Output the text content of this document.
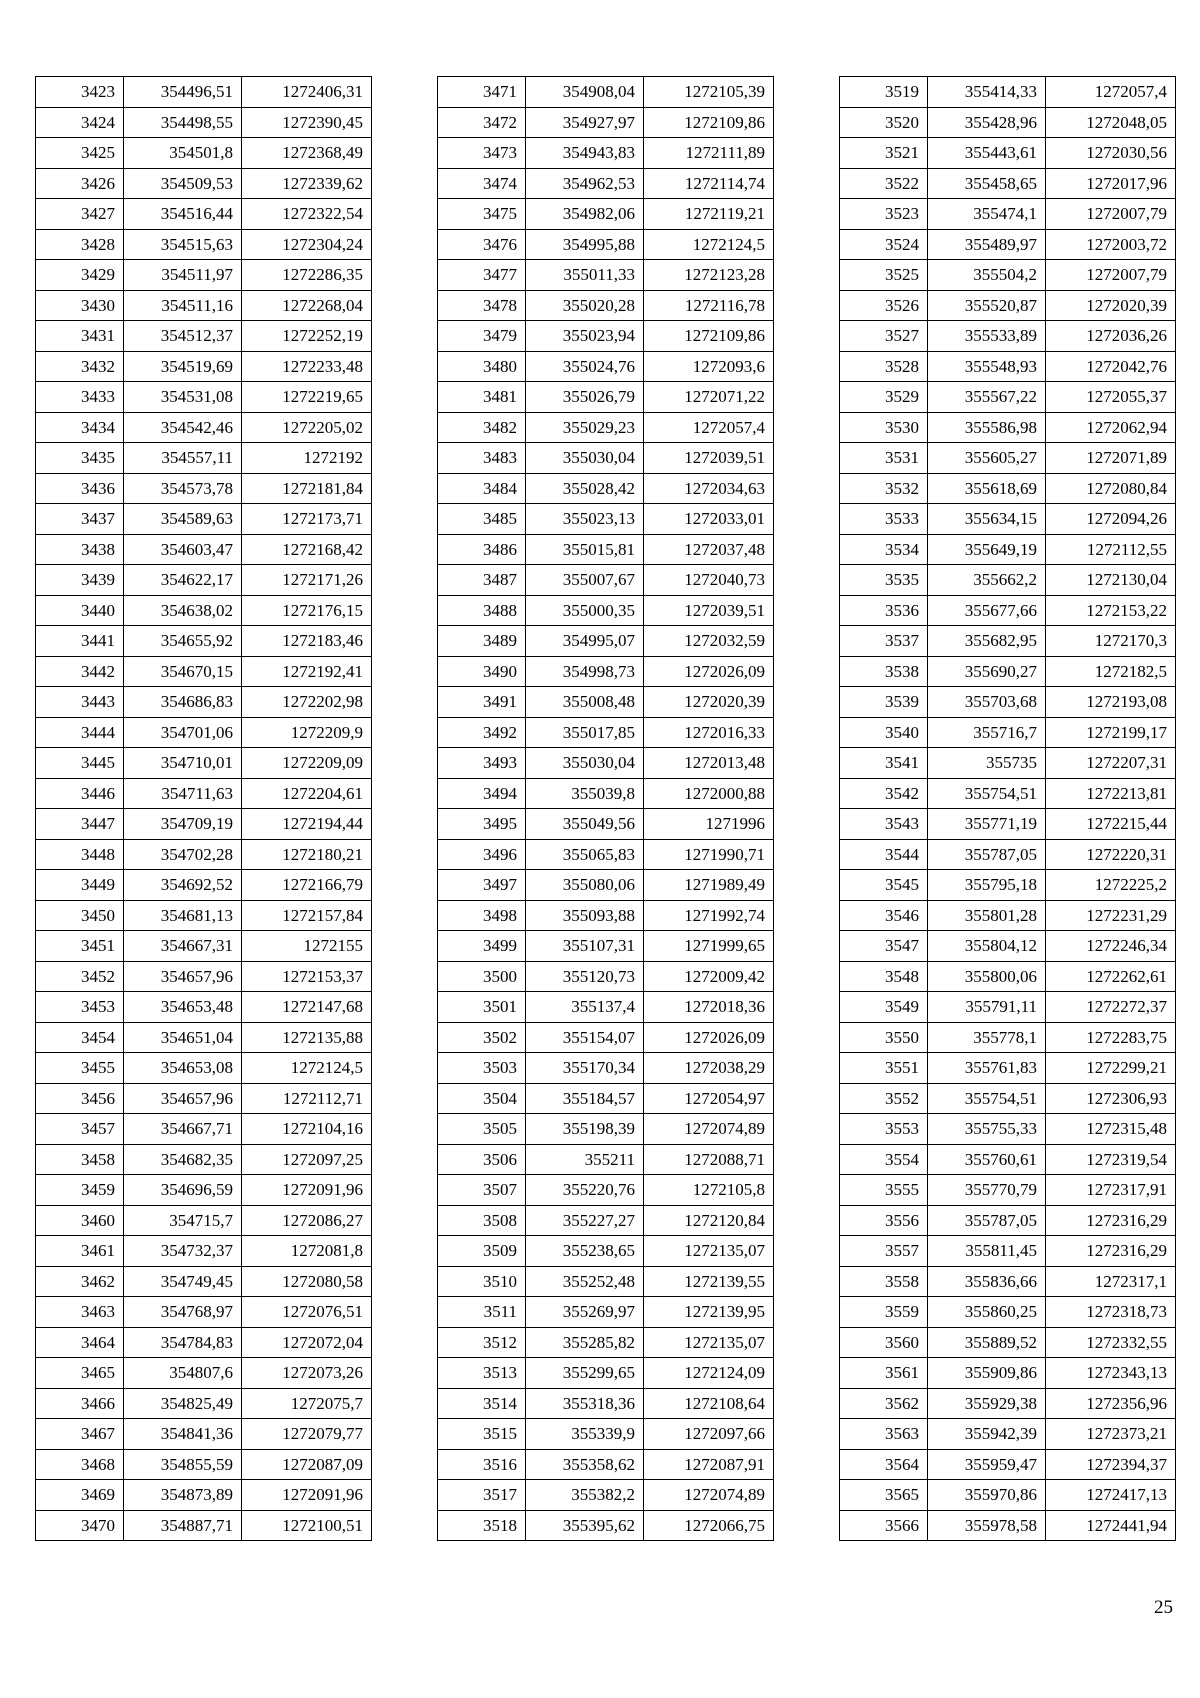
3423	354496,51	1272406,31
3424	354498,55	1272390,45
3425	354501,8	1272368,49
3426	354509,53	1272339,62
3427	354516,44	1272322,54
3428	354515,63	1272304,24
3429	354511,97	1272286,35
3430	354511,16	1272268,04
3431	354512,37	1272252,19
3432	354519,69	1272233,48
3433	354531,08	1272219,65
3434	354542,46	1272205,02
3435	354557,11	1272192
3436	354573,78	1272181,84
3437	354589,63	1272173,71
3438	354603,47	1272168,42
3439	354622,17	1272171,26
3440	354638,02	1272176,15
3441	354655,92	1272183,46
3442	354670,15	1272192,41
3443	354686,83	1272202,98
3444	354701,06	1272209,9
3445	354710,01	1272209,09
3446	354711,63	1272204,61
3447	354709,19	1272194,44
3448	354702,28	1272180,21
3449	354692,52	1272166,79
3450	354681,13	1272157,84
3451	354667,31	1272155
3452	354657,96	1272153,37
3453	354653,48	1272147,68
3454	354651,04	1272135,88
3455	354653,08	1272124,5
3456	354657,96	1272112,71
3457	354667,71	1272104,16
3458	354682,35	1272097,25
3459	354696,59	1272091,96
3460	354715,7	1272086,27
3461	354732,37	1272081,8
3462	354749,45	1272080,58
3463	354768,97	1272076,51
3464	354784,83	1272072,04
3465	354807,6	1272073,26
3466	354825,49	1272075,7
3467	354841,36	1272079,77
3468	354855,59	1272087,09
3469	354873,89	1272091,96
3470	354887,71	1272100,51
3471	354908,04	1272105,39
3472	354927,97	1272109,86
3473	354943,83	1272111,89
3474	354962,53	1272114,74
3475	354982,06	1272119,21
3476	354995,88	1272124,5
3477	355011,33	1272123,28
3478	355020,28	1272116,78
3479	355023,94	1272109,86
3480	355024,76	1272093,6
3481	355026,79	1272071,22
3482	355029,23	1272057,4
3483	355030,04	1272039,51
3484	355028,42	1272034,63
3485	355023,13	1272033,01
3486	355015,81	1272037,48
3487	355007,67	1272040,73
3488	355000,35	1272039,51
3489	354995,07	1272032,59
3490	354998,73	1272026,09
3491	355008,48	1272020,39
3492	355017,85	1272016,33
3493	355030,04	1272013,48
3494	355039,8	1272000,88
3495	355049,56	1271996
3496	355065,83	1271990,71
3497	355080,06	1271989,49
3498	355093,88	1271992,74
3499	355107,31	1271999,65
3500	355120,73	1272009,42
3501	355137,4	1272018,36
3502	355154,07	1272026,09
3503	355170,34	1272038,29
3504	355184,57	1272054,97
3505	355198,39	1272074,89
3506	355211	1272088,71
3507	355220,76	1272105,8
3508	355227,27	1272120,84
3509	355238,65	1272135,07
3510	355252,48	1272139,55
3511	355269,97	1272139,95
3512	355285,82	1272135,07
3513	355299,65	1272124,09
3514	355318,36	1272108,64
3515	355339,9	1272097,66
3516	355358,62	1272087,91
3517	355382,2	1272074,89
3518	355395,62	1272066,75
3519	355414,33	1272057,4
3520	355428,96	1272048,05
3521	355443,61	1272030,56
3522	355458,65	1272017,96
3523	355474,1	1272007,79
3524	355489,97	1272003,72
3525	355504,2	1272007,79
3526	355520,87	1272020,39
3527	355533,89	1272036,26
3528	355548,93	1272042,76
3529	355567,22	1272055,37
3530	355586,98	1272062,94
3531	355605,27	1272071,89
3532	355618,69	1272080,84
3533	355634,15	1272094,26
3534	355649,19	1272112,55
3535	355662,2	1272130,04
3536	355677,66	1272153,22
3537	355682,95	1272170,3
3538	355690,27	1272182,5
3539	355703,68	1272193,08
3540	355716,7	1272199,17
3541	355735	1272207,31
3542	355754,51	1272213,81
3543	355771,19	1272215,44
3544	355787,05	1272220,31
3545	355795,18	1272225,2
3546	355801,28	1272231,29
3547	355804,12	1272246,34
3548	355800,06	1272262,61
3549	355791,11	1272272,37
3550	355778,1	1272283,75
3551	355761,83	1272299,21
3552	355754,51	1272306,93
3553	355755,33	1272315,48
3554	355760,61	1272319,54
3555	355770,79	1272317,91
3556	355787,05	1272316,29
3557	355811,45	1272316,29
3558	355836,66	1272317,1
3559	355860,25	1272318,73
3560	355889,52	1272332,55
3561	355909,86	1272343,13
3562	355929,38	1272356,96
3563	355942,39	1272373,21
3564	355959,47	1272394,37
3565	355970,86	1272417,13
3566	355978,58	1272441,94
25
